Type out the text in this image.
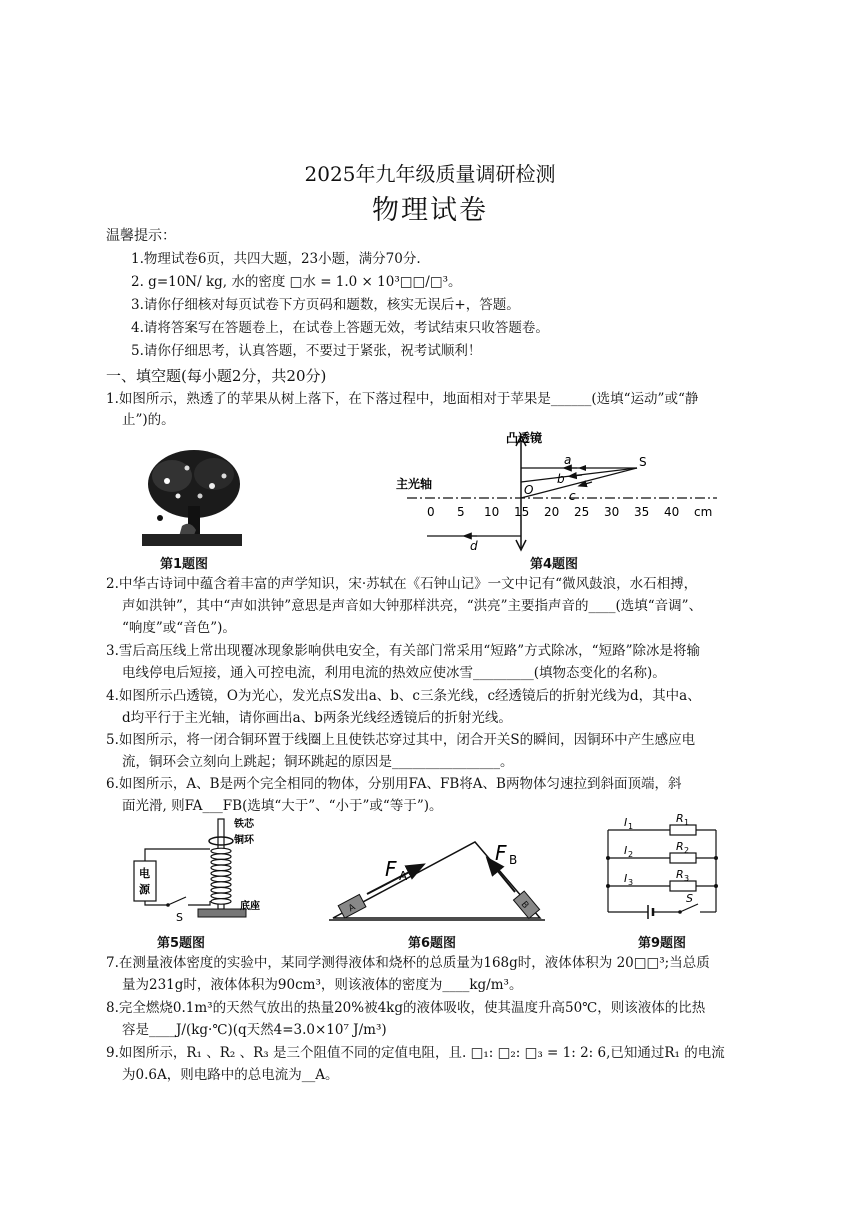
2025年九年级质量调研检测
物理试卷
温馨提示：
1.物理试卷6页，共四大题，23小题，满分70分.
2. g=10N/ kg, 水的密度 □水 = 1.0 × 10³□□/□³。
3.请你仔细核对每页试卷下方页码和题数，核实无误后+，答题。
4.请将答案写在答题卷上，在试卷上答题无效，考试结束只收答题卷。
5.请你仔细思考，认真答题，不要过于紧张，祝考试顺利！
一、填空题(每小题2分，共20分)
1.如图所示，熟透了的苹果从树上落下，在下落过程中，地面相对于苹果是______(选填“运动”或“静
止”)的。
第1题图
凸透镜
主光轴
0 5 10 15 20 25 30 35 40 cm
a
b
c
d
O
S
第4题图
2.中华古诗词中蕴含着丰富的声学知识，宋·苏轼在《石钟山记》一文中记有“微风鼓浪，水石相搏，
声如洪钟”，其中“声如洪钟”意思是声音如大钟那样洪亮，“洪亮”主要指声音的____(选填“音调”、
“响度”或“音色”)。
3.雪后高压线上常出现覆冰现象影响供电安全，有关部门常采用“短路”方式除冰，“短路”除冰是将输
电线停电后短接，通入可控电流，利用电流的热效应使冰雪_________(填物态变化的名称)。
4.如图所示凸透镜，O为光心，发光点S发出a、b、c三条光线，c经透镜后的折射光线为d，其中a、
d均平行于主光轴，请你画出a、b两条光线经透镜后的折射光线。
5.如图所示，将一闭合铜环置于线圈上且使铁芯穿过其中，闭合开关S的瞬间，因铜环中产生感应电
流，铜环会立刻向上跳起；铜环跳起的原因是________________。
6.如图所示，A、B是两个完全相同的物体，分别用FA、FB将A、B两物体匀速拉到斜面顶端，斜
面光滑, 则FA___FB(选填“大于”、“小于”或“等于”)。
铁芯
铜环
底座
电
源
S
第5题图
A
F A
B
F B
第6题图
I 1
I 2
I 3
R 1
R 2
R 3
S
第9题图
7.在测量液体密度的实验中，某同学测得液体和烧杯的总质量为168g时，液体体积为 20□□³;当总质
量为231g时，液体体积为90cm³，则该液体的密度为____kg/m³。
8.完全燃烧0.1m³的天然气放出的热量20%被4kg的液体吸收，使其温度升高50℃，则该液体的比热
容是____J/(kg·℃)(q天然4=3.0×10⁷ J/m³)
9.如图所示，R₁ 、R₂ 、R₃ 是三个阻值不同的定值电阻，且. □₁: □₂: □₃ = 1: 2: 6,已知通过R₁ 的电流
为0.6A，则电路中的总电流为__A。
